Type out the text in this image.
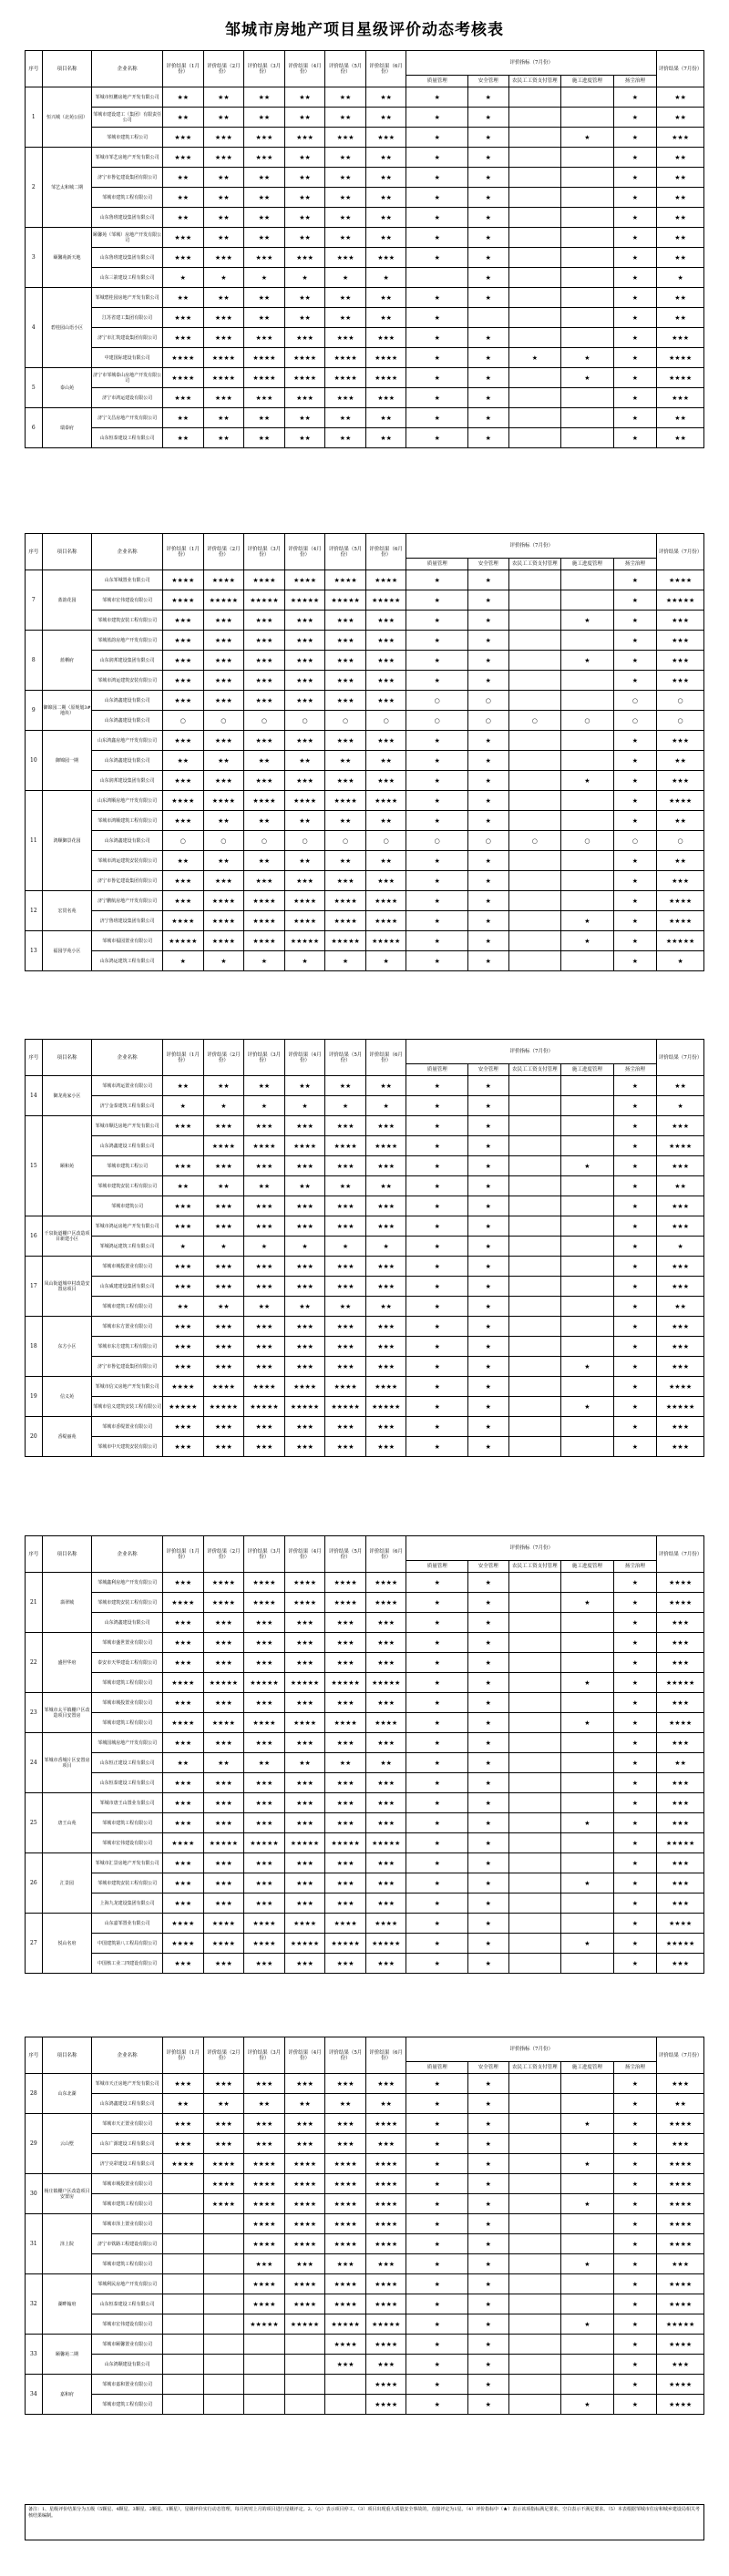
邹城市房地产项目星级评价动态考核表
序号	项目名称	企业名称	评价结果（1月份）	评价结果（2月份）	评价结果（3月份）	评价结果（4月份）	评价结果（5月份）	评价结果（6月份）	评价指标（7月份）					评价结果（7月份）
									质量管理	安全管理	农民工工资支付管理	施工进度管理	扬尘治理	
1	恒兴城（北苑公园）	邹城市恒鹏房地产开发有限公司	★★	★★	★★	★★	★★	★★	★	★			★	★★
		邹城市建设建工（集团）有限责任公司	★★	★★	★★	★★	★★	★★	★	★			★	★★
		邹城市建筑工程公司	★★★	★★★	★★★	★★★	★★★	★★★	★	★		★	★	★★★
2	邹艺太和城二期	邹城市邹艺房地产开发有限公司	★★★	★★★	★★★	★★	★★	★★	★	★			★	★★
		济宁市鲁亿建设集团有限公司	★★	★★	★★	★★	★★	★★	★	★			★	★★
		邹城市建筑工程有限公司	★★	★★	★★	★★	★★	★★	★	★			★	★★
		山东鲁班建设集团有限公司	★★	★★	★★	★★	★★	★★	★	★			★	★★
3	颐馨苑新天地	颐馨苑（邹城）房地产开发有限公司	★★★	★★	★★	★★	★★	★★	★	★			★	★★
		山东鲁班建设集团有限公司	★★★	★★★	★★★	★★★	★★★	★★★	★	★			★	★★
		山东三箭建设工程有限公司	★	★	★	★	★	★		★			★	★
4	碧桂园山语小区	邹城碧桂园房地产开发有限公司	★★	★★	★★	★★	★★	★★	★	★			★	★★
		江苏省建工集团有限公司	★★★	★★★	★★	★★	★★	★★	★				★	★★
		济宁市汇筑建设集团有限公司	★★★	★★★	★★★	★★★	★★★	★★★	★	★			★	★★★
		中建国际建设有限公司	★★★★	★★★★	★★★★	★★★★	★★★★	★★★★	★	★	★	★	★	★★★★
5	泰山苑	济宁市邹城泰山房地产开发有限公司	★★★★	★★★★	★★★★	★★★★	★★★★	★★★★	★	★		★	★	★★★★
		济宁市鸿运建设有限公司	★★★	★★★	★★★	★★★	★★★	★★★	★	★			★	★★★
6	瑞泰府	济宁文昌房地产开发有限公司	★★	★★	★★	★★	★★	★★	★	★			★	★★
		山东恒泰建设工程有限公司	★★	★★	★★	★★	★★	★★	★	★			★	★★
序号	项目名称	企业名称	评价结果（1月份）	评价结果（2月份）	评价结果（3月份）	评价结果（4月份）	评价结果（5月份）	评价结果（6月份）	评价指标（7月份）					评价结果（7月份）
									质量管理	安全管理	农民工工资支付管理	施工进度管理	扬尘治理	
7	蓝韵花园	山东邹城置业有限公司	★★★★	★★★★	★★★★	★★★★	★★★★	★★★★	★	★			★	★★★★
		邹城市宏伟建设有限公司	★★★★	★★★★★	★★★★★	★★★★★	★★★★★	★★★★★	★	★			★	★★★★★
		邹城市建筑安装工程有限公司	★★★	★★★	★★★	★★★	★★★	★★★	★	★		★	★	★★★
8	蓝栖府	邹城蓝韵房地产开发有限公司	★★★	★★★	★★★	★★★	★★★	★★★	★	★			★	★★★
		山东润邦建设集团有限公司	★★★	★★★	★★★	★★★	★★★	★★★	★	★		★	★	★★★
		邹城市鸿运建筑安装有限公司	★★★	★★★	★★★	★★★	★★★	★★★	★	★			★	★★★
9	御锦园二期（原规划3#地块）	山东鸿鑫建设有限公司	★★★	★★★	★★★	★★★	★★★	★★★	○	○			○	○
		山东鸿鑫建设有限公司	○	○	○	○	○	○	○	○	○	○	○	○
10	御锦园一期	山东鸿鑫房地产开发有限公司	★★★	★★★	★★★	★★★	★★★	★★★	★	★			★	★★★
		山东鸿鑫建设有限公司	★★	★★	★★	★★	★★	★★	★	★			★	★★
		山东润邦建设集团有限公司	★★★	★★★	★★★	★★★	★★★	★★★	★	★		★	★	★★★
11	鸿顺御景花园	山东鸿顺房地产开发有限公司	★★★★	★★★★	★★★★	★★★★	★★★★	★★★★	★	★			★	★★★★
		邹城市鸿顺建筑工程有限公司	★★★	★★	★★	★★	★★	★★	★	★			★	★★
		山东鸿鑫建设有限公司	○	○	○	○	○	○	○	○	○	○	○	○
		邹城市鸿运建筑安装有限公司	★★	★★	★★	★★	★★	★★	★	★			★	★★
		济宁市鲁亿建设集团有限公司	★★★	★★★	★★★	★★★	★★★	★★★	★	★			★	★★★
12	宏贯名苑	济宁鹏航房地产开发有限公司	★★★	★★★★	★★★★	★★★★	★★★★	★★★★	★	★			★	★★★★
		济宁鲁班建设集团有限公司	★★★★	★★★★	★★★★	★★★★	★★★★	★★★★	★	★		★	★	★★★★
13	福园学苑小区	邹城市福园置业有限公司	★★★★★	★★★★	★★★★	★★★★★	★★★★★	★★★★★	★	★		★	★	★★★★★
		山东鸿运建筑工程有限公司	★	★	★	★	★	★	★	★			★	★
序号	项目名称	企业名称	评价结果（1月份）	评价结果（2月份）	评价结果（3月份）	评价结果（4月份）	评价结果（5月份）	评价结果（6月份）	评价指标（7月份）					评价结果（7月份）
									质量管理	安全管理	农民工工资支付管理	施工进度管理	扬尘治理	
14	御龙苑家小区	邹城市鸿运置业有限公司	★★	★★	★★	★★	★★	★★	★	★			★	★★
		济宁金泰建筑工程有限公司	★	★	★	★	★	★	★	★			★	★
15	颐和苑	邹城市顺达房地产开发有限公司	★★★	★★★	★★★	★★★	★★★	★★★	★	★			★	★★★
		山东鸿鑫建设工程有限公司		★★★★	★★★★	★★★★	★★★★	★★★★	★	★			★	★★★★
		邹城市建筑工程公司	★★★	★★★	★★★	★★★	★★★	★★★	★	★		★	★	★★★
		邹城市建筑安装工程有限公司	★★	★★	★★	★★	★★	★★	★	★			★	★★
		邹城市建筑公司	★★★	★★★	★★★	★★★	★★★	★★★	★	★			★	★★★
16	千泉街道棚户区改造项目新建小区	邹城市鸿运房地产开发有限公司	★★★	★★★	★★★	★★★	★★★	★★★	★	★			★	★★★
		邹城鸿运建筑工程有限公司	★	★	★	★	★	★	★	★			★	★
17	凤山街道城中村改造安置房项目	邹城市城投置业有限公司	★★★	★★★	★★★	★★★	★★★	★★★	★	★			★	★★★
		山东威建建设集团有限公司	★★★	★★★	★★★	★★★	★★★	★★★	★	★			★	★★★
		邹城市建筑工程有限公司	★★	★★	★★	★★	★★	★★	★	★			★	★★
18	东方小区	邹城市东方置业有限公司	★★★	★★★	★★★	★★★	★★★	★★★	★	★			★	★★★
		邹城市东方建筑工程有限公司	★★★	★★★	★★★	★★★	★★★	★★★	★	★			★	★★★
		济宁市鲁亿建设集团有限公司	★★★	★★★	★★★	★★★	★★★	★★★	★	★		★	★	★★★
19	信义苑	邹城市信义房地产开发有限公司	★★★★	★★★★	★★★★	★★★★	★★★★	★★★★	★	★			★	★★★★
		邹城市信义建筑安装工程有限公司	★★★★★	★★★★★	★★★★★	★★★★★	★★★★★	★★★★★	★	★		★	★	★★★★★
20	香缇丽苑	邹城市香缇置业有限公司	★★★	★★★	★★★	★★★	★★★	★★★	★	★			★	★★★
		邹城市中天建筑安装有限公司	★★★	★★★	★★★	★★★	★★★	★★★	★	★			★	★★★
序号	项目名称	企业名称	评价结果（1月份）	评价结果（2月份）	评价结果（3月份）	评价结果（4月份）	评价结果（5月份）	评价结果（6月份）	评价指标（7月份）					评价结果（7月份）
									质量管理	安全管理	农民工工资支付管理	施工进度管理	扬尘治理	
21	翡翠城	邹城鑫利房地产开发有限公司	★★★	★★★★	★★★★	★★★★	★★★★	★★★★	★	★			★	★★★★
		邹城市建筑安装工程有限公司	★★★★	★★★★	★★★★	★★★★	★★★★	★★★★	★	★		★	★	★★★★
		山东鸿鑫建设有限公司	★★★	★★★	★★★	★★★	★★★	★★★	★	★			★	★★★
22	盛世华府	邹城市盛世置业有限公司	★★★	★★★	★★★	★★★	★★★	★★★	★	★			★	★★★
		泰安市天华建设工程有限公司	★★★	★★★	★★★	★★★	★★★	★★★	★	★			★	★★★
		邹城市建筑工程有限公司	★★★★	★★★★★	★★★★★	★★★★★	★★★★★	★★★★★	★	★		★	★	★★★★★
23	邹城市太平镇棚户区改造项目安置房	邹城市城投置业有限公司	★★★	★★★	★★★	★★★	★★★	★★★	★	★			★	★★★
		邹城市建筑工程有限公司	★★★★	★★★★	★★★★	★★★★	★★★★	★★★★	★	★		★	★	★★★★
24	邹城市香城片区安置房项目	邹城国城房地产开发有限公司	★★★	★★★	★★★	★★★	★★★	★★★	★	★			★	★★★
		山东恒正建设工程有限公司	★★	★★	★★	★★	★★	★★	★	★			★	★★
		山东恒泰建设工程有限公司	★★★	★★★	★★★	★★★	★★★	★★★	★	★			★	★★★
25	唐王山苑	邹城市唐王山置业有限公司	★★★	★★★	★★★	★★★	★★★	★★★	★	★			★	★★★
		邹城市建筑工程有限公司	★★★	★★★	★★★	★★★	★★★	★★★	★	★		★	★	★★★
		邹城市宏伟建设有限公司	★★★★	★★★★★	★★★★★	★★★★★	★★★★★	★★★★★	★	★			★	★★★★★
26	汇景园	邹城市汇景房地产开发有限公司	★★★	★★★	★★★	★★★	★★★	★★★	★	★			★	★★★
		邹城市建筑安装工程有限公司	★★★	★★★	★★★	★★★	★★★	★★★	★	★		★	★	★★★
		上海九龙建设集团有限公司	★★★	★★★	★★★	★★★	★★★	★★★	★	★			★	★★★
27	悦山名府	山东嘉邹置业有限公司	★★★★	★★★★	★★★★	★★★★	★★★★	★★★★	★	★			★	★★★★
		中国建筑第八工程局有限公司	★★★★	★★★★	★★★★	★★★★★	★★★★★	★★★★★	★	★		★	★	★★★★★
		中国核工业二四建设有限公司	★★★	★★★	★★★	★★★	★★★	★★★	★	★			★	★★★
序号	项目名称	企业名称	评价结果（1月份）	评价结果（2月份）	评价结果（3月份）	评价结果（4月份）	评价结果（5月份）	评价结果（6月份）	评价指标（7月份）					评价结果（7月份）
									质量管理	安全管理	农民工工资支付管理	施工进度管理	扬尘治理	
28	山东北湖	邹城市天正房地产开发有限公司	★★★	★★★	★★★	★★★	★★★	★★★	★	★			★	★★★
		山东鸿鑫建设工程有限公司	★★	★★	★★	★★	★★	★★	★	★			★	★★
29	云山墅	邹城市天正置业有限公司	★★★	★★★	★★★	★★★	★★★	★★★★	★	★		★	★	★★★★
		山东广源建设工程有限公司	★★★	★★★	★★★	★★★	★★★	★★★	★	★			★	★★★
		济宁亮彩建设工程有限公司	★★★★	★★★★	★★★★	★★★★	★★★★	★★★★	★	★		★	★	★★★★
30	杨庄镇棚户区改造项目安置房	邹城市城投置业有限公司		★★★★	★★★★	★★★★	★★★★	★★★★	★	★			★	★★★★
		邹城市建筑工程有限公司		★★★★	★★★★	★★★★	★★★★	★★★★	★	★		★	★	★★★★
31	泽上院	邹城市泽上置业有限公司			★★★★	★★★★	★★★★	★★★★	★	★			★	★★★★
		济宁市铁路工程建设有限公司			★★★★	★★★★	★★★★	★★★★	★	★			★	★★★★
		邹城市建筑工程有限公司			★★★	★★★	★★★	★★★	★	★		★	★	★★★
32	湖畔翰府	邹城利民房地产开发有限公司			★★★★	★★★★	★★★★	★★★★	★	★			★	★★★★
		山东恒泰建设工程有限公司			★★★★	★★★★	★★★★	★★★★	★	★			★	★★★★
		邹城市宏伟建设有限公司			★★★★★	★★★★★	★★★★★	★★★★★	★	★		★	★	★★★★★
33	颐馨苑二期	邹城市颐馨置业有限公司					★★★★	★★★★	★	★			★	★★★★
		山东鸿顺建设有限公司					★★★	★★★	★	★			★	★★★
34	嘉和府	邹城市嘉和置业有限公司						★★★★	★	★			★	★★★★
		邹城市建筑工程有限公司						★★★★	★	★		★	★	★★★★
备注：1、星级评价结果分为五级（5颗星、4颗星、3颗星、2颗星、1颗星），星级评价实行动态管理，每月初对上月的项目进行星级评定。2、（○）表示项目停工。（3）项目出现重大质量安全事故的，直接评定为1星。（4）评价指标中（★）表示该项指标满足要求，空白表示不满足要求。（5）本表根据邹城市住房和城乡建设局相关考核结果编制。
